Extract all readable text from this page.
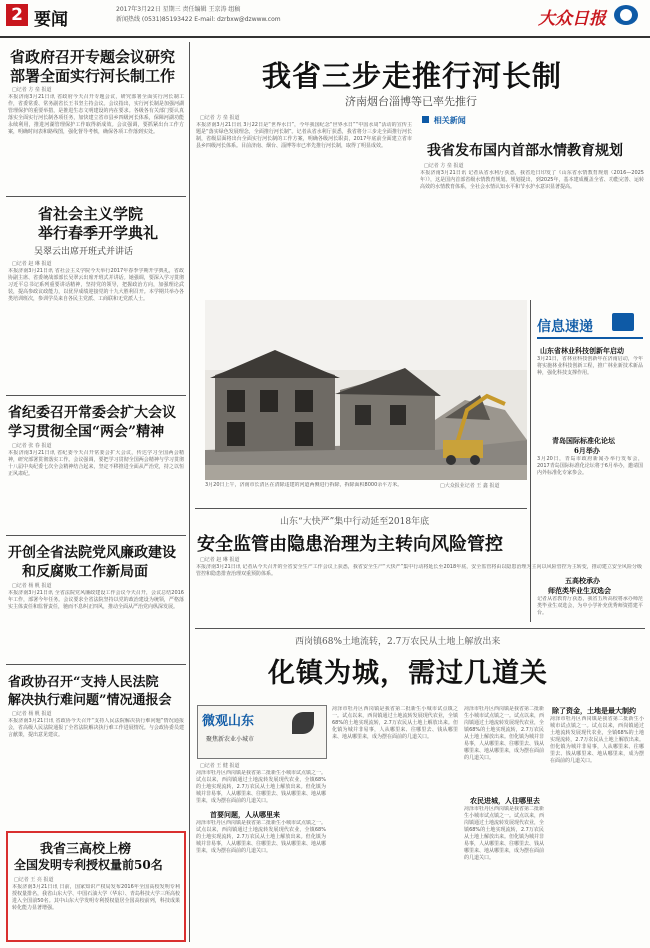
2 要闻
2017年3月22日 星期三 责任编辑 王京涛 组稿
新闻热线 (0531)85193422 E-mail: dzrbxw@dzwww.com	大众日报
省政府召开专题会议研究
部署全面实行河长制工作
□记者 方 垒 报道
本报济南3月21日讯 省政府今天召开专题会议，研究部署全面实行河长制工作，省委常委、常务副省长王书坚主持会议。会议指出，实行河长制是加强河湖管理保护的重要举措，是推进生态文明建设的内在要求。各级各有关部门要认真落实全面实行河长制各项任务，加快建立省市县乡四级河长体系，保障河湖功能永续利用，推进河湖管理保护工作取得新成效。会议强调，要抓紧出台工作方案，明确时间表和路线图，强化督导考核，确保各项工作落到实处。
省社会主义学院
举行春季开学典礼
吴翠云出席开班式并讲话
□记者 赵 琳 报道
本报济南3月21日讯 省社会主义学院今天举行2017年春季学期开学典礼，省政协副主席、省委统战部部长吴翠云出席开班式并讲话。她强调，要深入学习贯彻习近平总书记系列重要讲话精神，坚持党的领导，把握政治方向，加强理论武装，提高参政议政能力，以优异成绩迎接党的十九大胜利召开。本学期共举办各类培训班次，参训学员来自各民主党派、工商联和无党派人士。
省纪委召开常委会扩大会议
学习贯彻全国“两会”精神
□记者 张 春 报道
本报济南3月21日讯 省纪委今天召开常委会扩大会议，传达学习全国两会精神，研究部署贯彻落实工作。会议强调，要把学习贯彻全国两会精神与学习贯彻十八届中央纪委七次全会精神结合起来，坚定不移推进全面从严治党，持之以恒正风肃纪。
开创全省法院党风廉政建设
和反腐败工作新局面
□记者 杨 帆 报道
本报济南3月21日讯 全省法院党风廉政建设工作会议今天召开，会议总结2016年工作，部署今年任务。会议要求全省法院坚持以党的政治建设为统领，严格落实主体责任和监督责任，驰而不息纠正四风，推动全面从严治党向纵深发展。
省政协召开“支持人民法院
解决执行难问题”情况通报会
□记者 杨 帆 报道
本报济南3月21日讯 省政协今天召开“支持人民法院解决执行难问题”情况通报会，省高级人民法院通报了全省法院解决执行难工作进展情况。与会政协委员建言献策，提出意见建议。
我省三高校上榜
全国发明专利授权量前50名
□记者 王 亮 报道
本报济南3月21日讯 日前，国家知识产权局发布2016年全国高校发明专利授权量排名，我省山东大学、中国石油大学（华东）、青岛科技大学三所高校进入全国前50名。其中山东大学发明专利授权量居全国高校前列，科技成果转化能力显著增强。
我省三步走推行河长制
济南烟台淄博等已率先推行
□记者 方 垒 报道
本报济南3月21日讯 3月22日是“世界水日”，今年我国纪念“世界水日”“中国水周”活动的宣传主题是“落实绿色发展理念，全面推行河长制”。记者从省水利厅获悉，我省将分三步走全面推行河长制，省级层面将出台全面实行河长制的工作方案，明确各级河长职责，2017年底前全面建立省市县乡四级河长体系。目前济南、烟台、淄博等市已率先推行河长制，取得了明显成效。
相关新闻
我省发布国内首部水情教育规划
□记者 方 垒 报道
本报济南3月21日讯 记者从省水利厅获悉，我省近日印发了《山东省水情教育规划（2016—2025年）》，这是国内首部省级水情教育规划。规划提出，到2025年，基本建成覆盖全省、功能完善、运转高效的水情教育体系，全社会水情认知水平和节水护水意识显著提高。
3月20日上午，济南市长清区在清除违建的河道两侧进行拆除，拆除面积8000余平方米。	□大众报业记者 王 鑫 报道
信息速递
山东省林业科技创新年启动
3月21日，省林业科技创新年在济南启动，今年将实施林业科技创新工程，推广林业新技术新品种，强化科技支撑作用。
青岛国际标准化论坛
6月举办
3月20日，青岛市政府新闻办举行发布会，2017青岛国际标准化论坛将于6月举办，邀请国内外标准化专家参会。
五高校承办
师范类毕业生双选会
记者从省教育厅获悉，我省五所高校将承办师范类毕业生双选会，为中小学补充优秀师资搭建平台。
山东“大快严”集中行动延至2018年底
安全监管由隐患治理为主转向风险管控
□记者 赵 琳 报道
本报济南3月21日讯 记者从今天召开的全省安全生产工作会议上获悉，我省安全生产“大快严”集中行动将延长至2018年底，安全监管将由以隐患治理为主向以风险管控为主转变，推动建立安全风险分级管控和隐患排查治理双重预防体系。
西岗镇68%土地流转，2.7万农民从土地上解放出来
化镇为城，需过几道关
微观山东
聚焦新农业小城市
□记者 王 健 报道
菏泽市牡丹区西岗镇是我省第二批新生小城市试点镇之一。试点以来，西岗镇通过土地流转发展现代农业，全镇68%的土地实现流转，2.7万农民从土地上解放出来。但化镇为城并非易事，人从哪里来、往哪里去、钱从哪里来、地从哪里来，成为摆在面前的几道关口。
首要问题，人从哪里来
菏泽市牡丹区西岗镇是我省第二批新生小城市试点镇之一。试点以来，西岗镇通过土地流转发展现代农业，全镇68%的土地实现流转，2.7万农民从土地上解放出来。但化镇为城并非易事，人从哪里来、往哪里去、钱从哪里来、地从哪里来，成为摆在面前的几道关口。
菏泽市牡丹区西岗镇是我省第二批新生小城市试点镇之一。试点以来，西岗镇通过土地流转发展现代农业，全镇68%的土地实现流转，2.7万农民从土地上解放出来。但化镇为城并非易事，人从哪里来、往哪里去、钱从哪里来、地从哪里来，成为摆在面前的几道关口。
菏泽市牡丹区西岗镇是我省第二批新生小城市试点镇之一。试点以来，西岗镇通过土地流转发展现代农业，全镇68%的土地实现流转，2.7万农民从土地上解放出来。但化镇为城并非易事，人从哪里来、往哪里去、钱从哪里来、地从哪里来，成为摆在面前的几道关口。
农民进城，人往哪里去
菏泽市牡丹区西岗镇是我省第二批新生小城市试点镇之一。试点以来，西岗镇通过土地流转发展现代农业，全镇68%的土地实现流转，2.7万农民从土地上解放出来。但化镇为城并非易事，人从哪里来、往哪里去、钱从哪里来、地从哪里来，成为摆在面前的几道关口。
除了资金，土地是最大制约
菏泽市牡丹区西岗镇是我省第二批新生小城市试点镇之一。试点以来，西岗镇通过土地流转发展现代农业，全镇68%的土地实现流转，2.7万农民从土地上解放出来。但化镇为城并非易事，人从哪里来、往哪里去、钱从哪里来、地从哪里来，成为摆在面前的几道关口。
